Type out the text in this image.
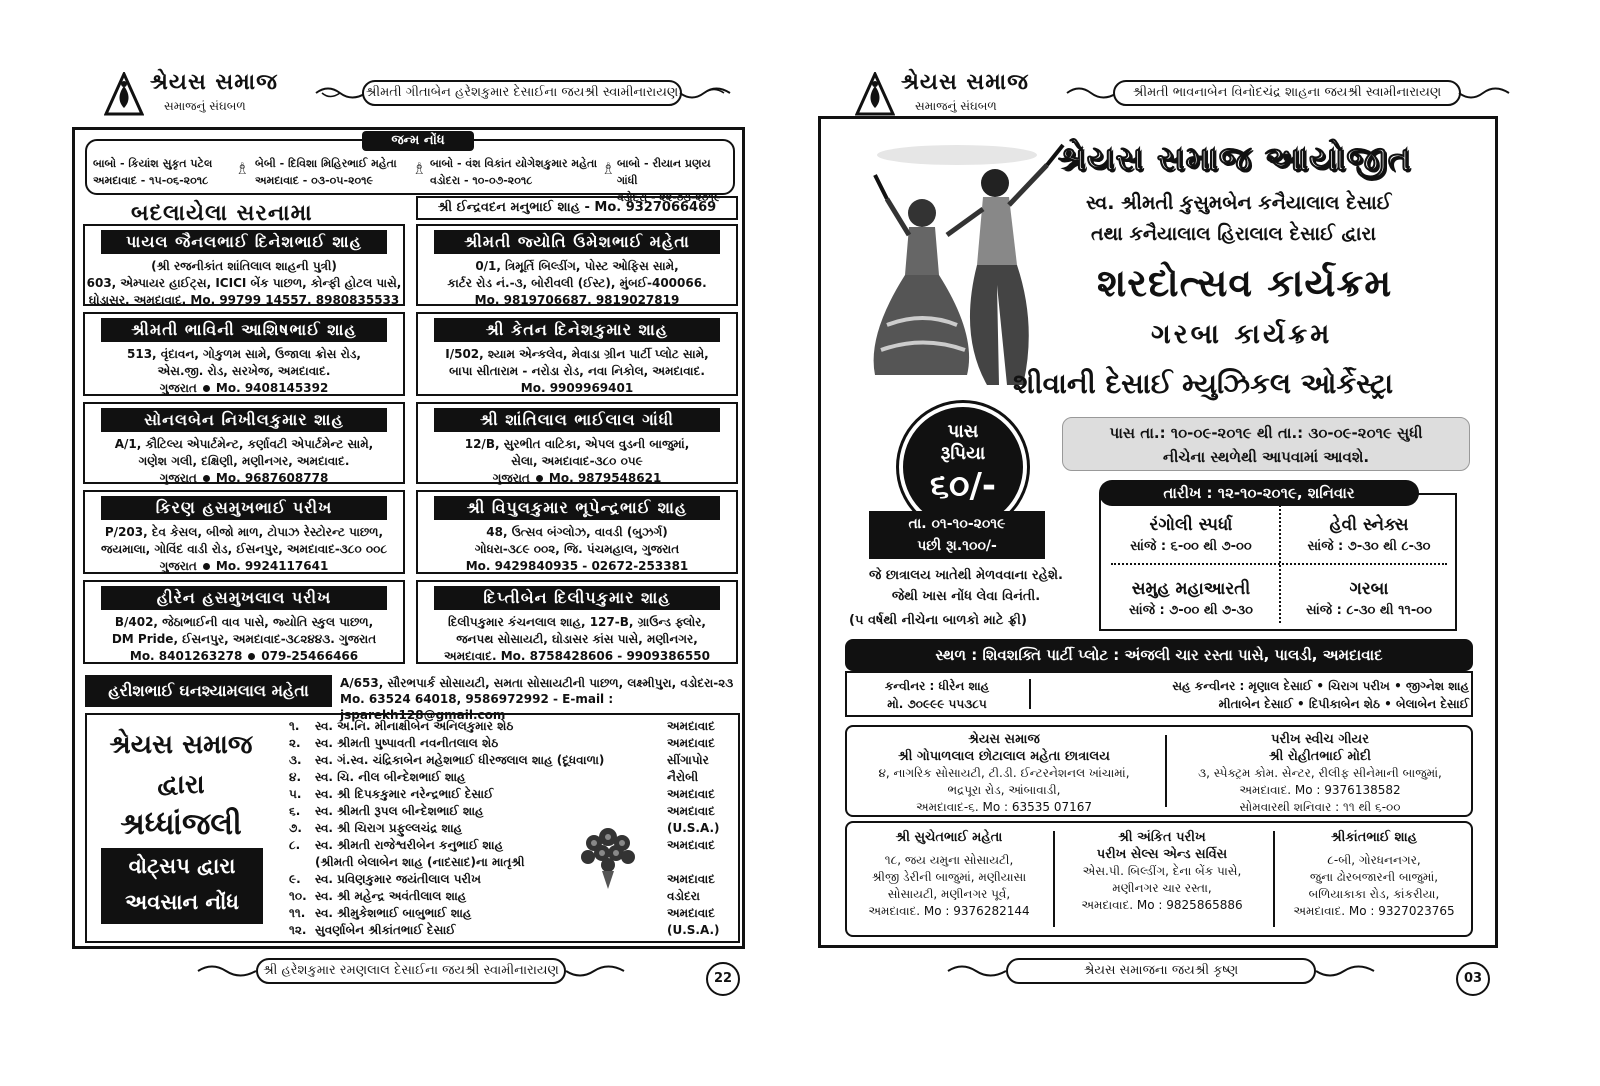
શ્રેયસ સમાજ
સમાજનું સંઘબળ
શ્રીમતી ગીતાબેન હરેશકુમાર દેસાઈના જયશ્રી સ્વામીનારાયણ
જન્મ નોંધ
બાબો - કિયાંશ સુકૃત પટેલ
અમદાવાદ - ૧૫-૦૬-૨૦૧૮
♗ બેબી - દિવિશા મિહિરભાઈ મહેતા
અમદાવાદ - ૦૩-૦૫-૨૦૧૯
♗ બાબો - વંશ વિકાંત યોગેશકુમાર મહેતા
વડોદરા - ૧૦-૦૭-૨૦૧૮
♗ બાબો - રીયાન પ્રણય ગાંધી
વડોદરા - ૨૨-૦૩-૨૦૧૯
બદલાયેલા સરનામા	શ્રી ઈન્દ્રવદન મનુભાઈ શાહ - Mo. 9327066469
પાયલ જૈનલભાઈ દિનેશભાઈ શાહ
(શ્રી રજનીકાંત શાંતિલાલ શાહની પુત્રી)
603, એમ્પાયર હાઈટ્સ, ICICI બેંક પાછળ, કોન્ફી હોટલ પાસે,
ઘોડાસર, અમદાવાદ. Mo. 99799 14557, 8980835533
શ્રીમતી જ્યોતિ ઉમેશભાઈ મહેતા
0/1, ત્રિમૂર્તિ બિલ્ડીંગ, પોસ્ટ ઓફિસ સામે,
કાર્ટર રોડ નં.-૩, બોરીવલી (ઈસ્ટ), મુંબઈ-400066.
Mo. 9819706687, 9819027819
શ્રીમતી ભાવિની આશિષભાઈ શાહ
513, વૃંદાવન, ગોકુળમ સામે, ઉજાલા ક્રોસ રોડ,
એસ.જી. રોડ, સરખેજ, અમદાવાદ.
ગુજરાત Mo. 9408145392
શ્રી કેતન દિનેશકુમાર શાહ
I/502, શ્યામ એન્કલેવ, મેવાડા ગ્રીન પાર્ટી પ્લોટ સામે,
બાપા સીતારામ - નરોડા રોડ, નવા નિકોલ, અમદાવાદ.
Mo. 9909969401
સોનલબેન નિખીલકુમાર શાહ
A/1, કૌટિલ્ય એપાર્ટમેન્ટ, કર્ણાવટી એપાર્ટમેન્ટ સામે,
ગણેશ ગલી, દક્ષિણી, મણીનગર, અમદાવાદ.
ગુજરાત Mo. 9687608778
શ્રી શાંતિલાલ ભાઈલાલ ગાંધી
12/B, સુરભીત વાટિકા, એપલ વુડની બાજુમાં,
સેલા, અમદાવાદ-૩૮૦ ૦૫૯
ગુજરાત Mo. 9879548621
કિરણ હસમુખભાઈ પરીખ
P/203, દેવ કેસલ, બીજો માળ, ટોપાઝ રેસ્ટોરન્ટ પાછળ,
જયમાલા, ગોવિંદ વાડી રોડ, ઈસનપુર, અમદાવાદ-૩૮૦ ૦૦૮
ગુજરાત Mo. 9924117641
શ્રી વિપુલકુમાર ભૂપેન્દ્રભાઈ શાહ
48, ઉત્સવ બંગ્લોઝ, વાવડી (બુઝર્ગ)
ગોધરા-૩૮૯ ૦૦૨, જિ. પંચમહાલ, ગુજરાત
Mo. 9429840935 - 02672-253381
હીરેન હસમુખલાલ પરીખ
B/402, જેઠાભાઈની વાવ પાસે, જ્યોતિ સ્કુલ પાછળ,
DM Pride, ઈસનપુર, અમદાવાદ-૩૮૨૪૪૩. ગુજરાત
Mo. 8401263278 079-25466466
દિપ્તીબેન દિલીપકુમાર શાહ
દિલીપકુમાર કંચનલાલ શાહ, 127-B, ગ્રાઉન્ડ ફ્લોર,
જનપથ સોસાયટી, ઘોડાસર કાંસ પાસે, મણીનગર,
અમદાવાદ. Mo. 8758428606 - 9909386550
હરીશભાઈ ઘનશ્યામલાલ મહેતા	A/653, સૌરભપાર્ક સોસાયટી, સમતા સોસાયટીની પાછળ, લક્ષ્મીપુરા, વડોદરા-૨૩
Mo. 63524 64018, 9586972992 - E-mail : jsparekh128@gmail.com
શ્રેયસ સમાજ
દ્વારા
શ્રધ્ધાંજલી
વોટ્સપ દ્વારા
અવસાન નોંધ
૧.	સ્વ. અ.નિ. મીનાક્ષીબેન અનિલકુમાર શેઠ	અમદાવાદ
૨.	સ્વ. શ્રીમતી પુષ્પાવતી નવનીતલાલ શેઠ	અમદાવાદ
૩.	સ્વ. ગં.સ્વ. ચંદ્રિકાબેન મહેશભાઈ ધીરજલાલ શાહ (દૂધવાળા)	સીંગાપોર
૪.	સ્વ. ચિ. નીલ બીન્દેશભાઈ શાહ	નૈરોબી
૫.	સ્વ. શ્રી દિપકકુમાર નરેન્દ્રભાઈ દેસાઈ	અમદાવાદ
૬.	સ્વ. શ્રીમતી રૂપલ બીન્દેશભાઈ શાહ	અમદાવાદ
૭.	સ્વ. શ્રી ચિરાગ પ્રફુલ્લચંદ્ર શાહ	(U.S.A.)
૮.	સ્વ. શ્રીમતી રાજેશ્વરીબેન કનુભાઈ શાહ	અમદાવાદ
(શ્રીમતી બેલાબેન શાહ (નાદસાદ)ના માતૃશ્રી
૯.	સ્વ. પ્રવિણકુમાર જયંતીલાલ પરીખ	અમદાવાદ
૧૦. સ્વ. શ્રી મહેન્દ્ર અવંતીલાલ શાહ	વડોદરા
૧૧. સ્વ. શ્રીમુકેશભાઈ બાબુભાઈ શાહ	અમદાવાદ
૧૨. સુવર્ણાબેન શ્રીકાંતભાઈ દેસાઈ	(U.S.A.)
શ્રી હરેશકુમાર રમણલાલ દેસાઈના જયશ્રી સ્વામીનારાયણ
22
શ્રેયસ સમાજ
સમાજનું સંઘબળ
શ્રીમતી ભાવનાબેન વિનોદચંદ્ર શાહના જયશ્રી સ્વામીનારાયણ
શ્રેયસ સમાજ આયોજીત
સ્વ. શ્રીમતી કુસુમબેન કનૈયાલાલ દેસાઈ
તથા કનૈયાલાલ હિરાલાલ દેસાઈ દ્વારા
શરદોત્સવ કાર્યક્રમ
ગરબા કાર્યક્રમ
શીવાની દેસાઈ મ્યુઝિકલ ઓર્કેસ્ટ્રા
પાસ
રૂપિયા
૬૦/-
પાસ તા.: ૧૦-૦૯-૨૦૧૯ થી તા.: ૩૦-૦૯-૨૦૧૯ સુધી
નીચેના સ્થળેથી આપવામાં આવશે.
તા. ૦૧-૧૦-૨૦૧૯
પછી રૂા.૧૦૦/-
જે છાત્રાલય ખાતેથી મેળવવાના રહેશે.
જેથી ખાસ નોંધ લેવા વિનંતી.
(૫ વર્ષથી નીચેના બાળકો માટે ફ્રી)
તારીખ : ૧૨-૧૦-૨૦૧૯, શનિવાર
રંગોલી સ્પર્ધા
સાંજે : ૬-૦૦ થી ૭-૦૦
હેવી સ્નેક્સ
સાંજે : ૭-૩૦ થી ૮-૩૦
સમુહ મહાઆરતી
સાંજે : ૭-૦૦ થી ૭-૩૦
ગરબા
સાંજે : ૮-૩૦ થી ૧૧-૦૦
સ્થળ : શિવશક્તિ પાર્ટી પ્લોટ : અંજલી ચાર રસ્તા પાસે, પાલડી, અમદાવાદ
કન્વીનર : ધીરેન શાહ
મો. ૭૦૯૯૯ ૫૫૩૮૫
સહ કન્વીનર : મૃણાલ દેસાઈ • ચિરાગ પરીખ • જીગ્નેશ શાહ
મીતાબેન દેસાઈ • દિપીકાબેન શેઠ • બેલાબેન દેસાઈ
શ્રેયસ સમાજ
શ્રી ગોપાળલાલ છોટાલાલ મહેતા છાત્રાલય
૪, નાગરિક સોસાયટી, ટી.ડી. ઈન્ટરનેશનલ ખાંચામાં,
ભદ્રપૂરા રોડ, આંબાવાડી,
અમદાવાદ-૬. Mo : 63535 07167
પરીખ સ્વીચ ગીયર
શ્રી રોહીતભાઈ મોદી
૩, સ્પેક્ટ્રમ કોમ. સેન્ટર, રીલીફ સીનેમાની બાજુમાં,
અમદાવાદ. Mo : 9376138582
સોમવારથી શનિવાર : ૧૧ થી ૬-૦૦
શ્રી સુચેતભાઈ મહેતા
૧૮, જય યમુના સોસાયટી,
શ્રીજી ડેરીની બાજુમાં, મણીયાસા
સોસાયટી, મણીનગર પૂર્વ,
અમદાવાદ. Mo : 9376282144
શ્રી અંકિત પરીખ
પરીખ સેલ્સ એન્ડ સર્વિસ
એસ.પી. બિલ્ડીંગ, દેના બેંક પાસે,
મણીનગર ચાર રસ્તા,
અમદાવાદ. Mo : 9825865886
શ્રીકાંતભાઈ શાહ
૮-બી, ગોરધનનગર,
જુના ઢોરબજારની બાજુમાં,
બળિયાકાકા રોડ, કાંકરીયા,
અમદાવાદ. Mo : 9327023765
શ્રેયસ સમાજના જયશ્રી કૃષ્ણ
03
